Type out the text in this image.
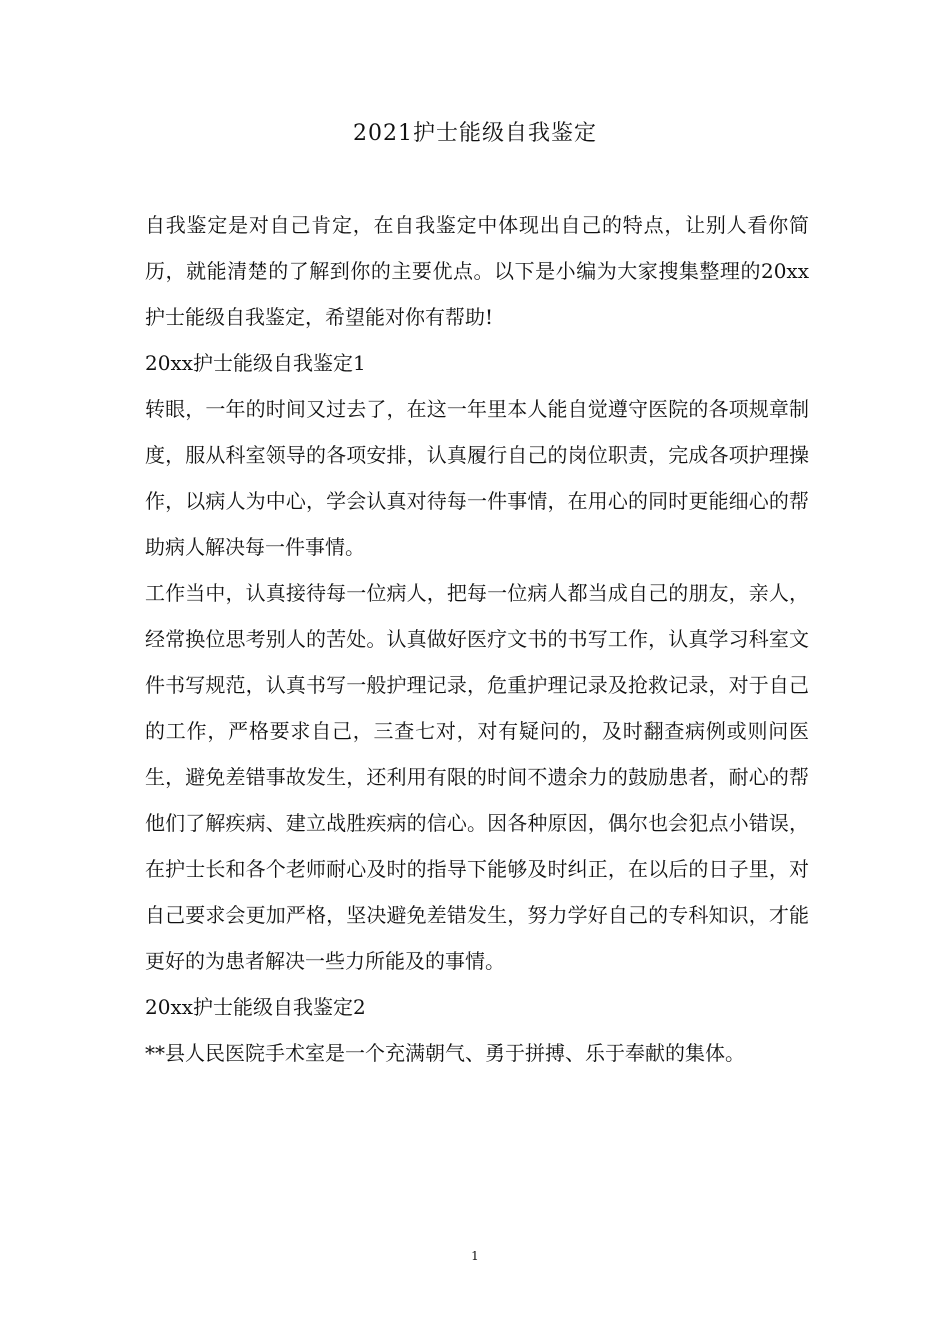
2021护士能级自我鉴定

自我鉴定是对自己肯定，在自我鉴定中体现出自己的特点，让别人看你简历，就能清楚的了解到你的主要优点。以下是小编为大家搜集整理的20xx护士能级自我鉴定，希望能对你有帮助!

20xx护士能级自我鉴定1

转眼，一年的时间又过去了，在这一年里本人能自觉遵守医院的各项规章制度，服从科室领导的各项安排，认真履行自己的岗位职责，完成各项护理操作，以病人为中心，学会认真对待每一件事情，在用心的同时更能细心的帮助病人解决每一件事情。

工作当中，认真接待每一位病人，把每一位病人都当成自己的朋友，亲人，经常换位思考别人的苦处。认真做好医疗文书的书写工作，认真学习科室文件书写规范，认真书写一般护理记录，危重护理记录及抢救记录，对于自己的工作，严格要求自己，三查七对，对有疑问的，及时翻查病例或则问医生，避免差错事故发生，还利用有限的时间不遗余力的鼓励患者，耐心的帮他们了解疾病、建立战胜疾病的信心。因各种原因，偶尔也会犯点小错误，在护士长和各个老师耐心及时的指导下能够及时纠正，在以后的日子里，对自己要求会更加严格，坚决避免差错发生，努力学好自己的专科知识，才能更好的为患者解决一些力所能及的事情。

20xx护士能级自我鉴定2

**县人民医院手术室是一个充满朝气、勇于拼搏、乐于奉献的集体。

1
